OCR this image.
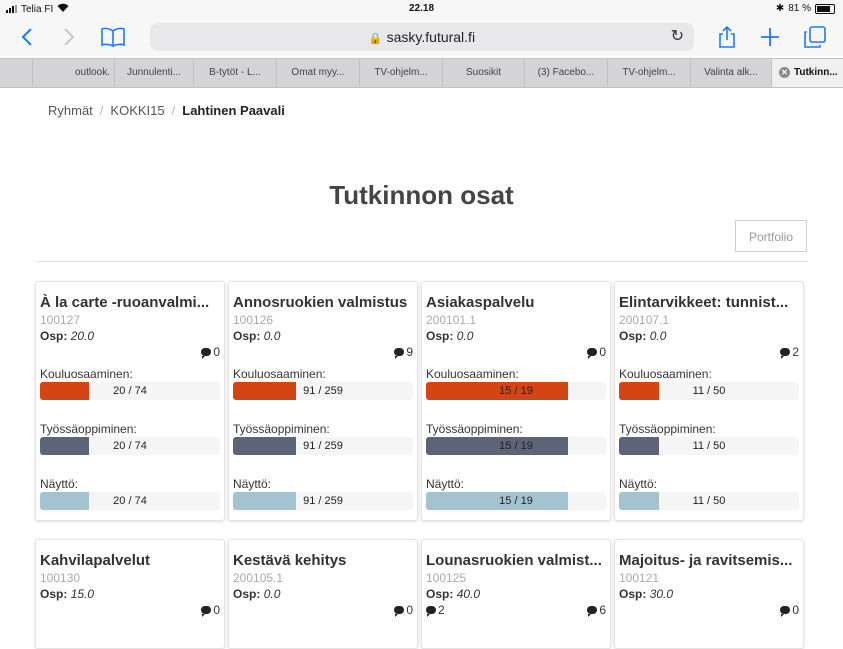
Telia FI	22.18	✱ 81 %
🔒 sasky.futural.fi	↻
outlook.	Junnulenti...	B-tytöt - L...	Omat myy...	TV-ohjelm...	Suosikit	(3) Facebo...	TV-ohjelm...	Valinta alk...	✕ Tutkinn...
Ryhmät / KOKKI15 / Lahtinen Paavali
Tutkinnon osat
Portfolio
À la carte -ruoanvalmi...
100127
Osp: 20.0
0
Kouluosaaminen:
20 / 74
Työssäoppiminen:
20 / 74
Näyttö:
20 / 74
Annosruokien valmistus
100126
Osp: 0.0
9
Kouluosaaminen:
91 / 259
Työssäoppiminen:
91 / 259
Näyttö:
91 / 259
Asiakaspalvelu
200101.1
Osp: 0.0
0
Kouluosaaminen:
15 / 19
Työssäoppiminen:
15 / 19
Näyttö:
15 / 19
Elintarvikkeet: tunnist...
200107.1
Osp: 0.0
2
Kouluosaaminen:
11 / 50
Työssäoppiminen:
11 / 50
Näyttö:
11 / 50
Kahvilapalvelut
100130
Osp: 15.0
0
Kestävä kehitys
200105.1
Osp: 0.0
0
Lounasruokien valmist...
100125
Osp: 40.0
2	6
Majoitus- ja ravitsemis...
100121
Osp: 30.0
0
